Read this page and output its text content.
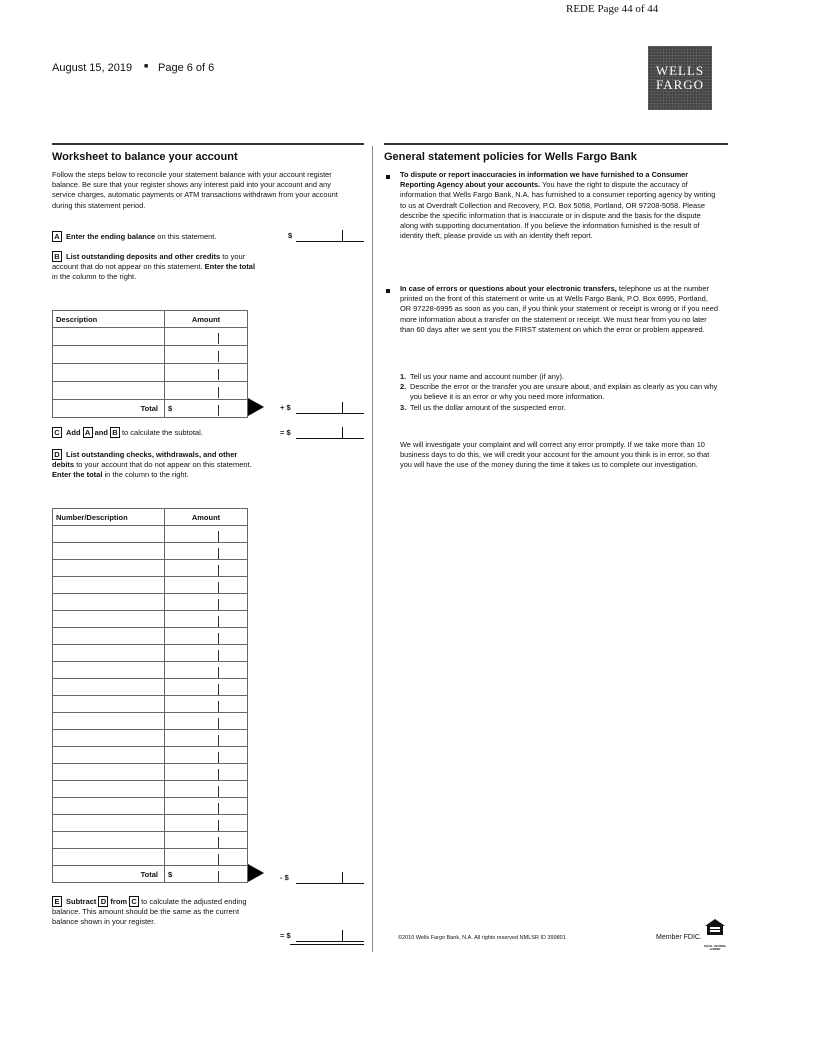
REDE Page 44 of 44
August 15, 2019 ■ Page 6 of 6	WELLS
FARGO
Worksheet to balance your account
Follow the steps below to reconcile your statement balance with your account register balance. Be sure that your register shows any interest paid into your account and any service charges, automatic payments or ATM transactions withdrawn from your account during this statement period.
A Enter the ending balance on this statement.	$
B List outstanding deposits and other credits to your account that do not appear on this statement. Enter the total in the column to the right.
Description	Amount

Total	$	+ $
C Add A and B to calculate the subtotal.	= $
D List outstanding checks, withdrawals, and other debits to your account that do not appear on this statement. Enter the total in the column to the right.
Number/Description	Amount

Total	$	- $
E Subtract D from C to calculate the adjusted ending balance. This amount should be the same as the current balance shown in your register.
= $
General statement policies for Wells Fargo Bank
To dispute or report inaccuracies in information we have furnished to a Consumer Reporting Agency about your accounts. You have the right to dispute the accuracy of information that Wells Fargo Bank, N.A. has furnished to a consumer reporting agency by writing to us at Overdraft Collection and Recovery, P.O. Box 5058, Portland, OR 97208-5058. Please describe the specific information that is inaccurate or in dispute and the basis for the dispute along with supporting documentation. If you believe the information furnished is the result of identity theft, please provide us with an identity theft report.
In case of errors or questions about your electronic transfers, telephone us at the number printed on the front of this statement or write us at Wells Fargo Bank, P.O. Box 6995, Portland, OR 97228-6995 as soon as you can, if you think your statement or receipt is wrong or if you need more information about a transfer on the statement or receipt. We must hear from you no later than 60 days after we sent you the FIRST statement on which the error or problem appeared.
1. Tell us your name and account number (if any).
2. Describe the error or the transfer you are unsure about, and explain as clearly as you can why you believe it is an error or why you need more information.
3. Tell us the dollar amount of the suspected error.
We will investigate your complaint and will correct any error promptly. If we take more than 10 business days to do this, we will credit your account for the amount you think is in error, so that you will have the use of the money during the time it takes us to complete our investigation.
©2010 Wells Fargo Bank, N.A. All rights reserved NMLSR ID 399801	Member FDIC.
EQUAL HOUSING LENDER
